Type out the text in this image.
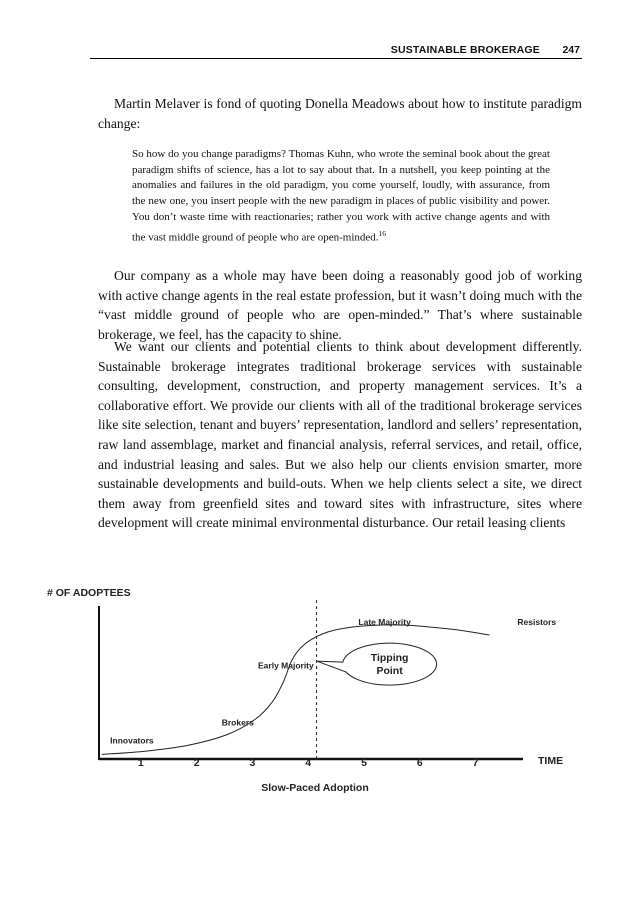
SUSTAINABLE BROKERAGE 247

Martin Melaver is fond of quoting Donella Meadows about how to institute paradigm change:

So how do you change paradigms? Thomas Kuhn, who wrote the seminal book about the great paradigm shifts of science, has a lot to say about that. In a nutshell, you keep pointing at the anomalies and failures in the old paradigm, you come yourself, loudly, with assurance, from the new one, you insert people with the new paradigm in places of public visibility and power. You don’t waste time with reactionaries; rather you work with active change agents and with the vast middle ground of people who are open-minded.$^{16}$

Our company as a whole may have been doing a reasonably good job of working with active change agents in the real estate profession, but it wasn’t doing much with the “vast middle ground of people who are open-minded.” That’s where sustainable brokerage, we feel, has the capacity to shine.

We want our clients and potential clients to think about development differently. Sustainable brokerage integrates traditional brokerage services with sustainable consulting, development, construction, and property management services. It’s a collaborative effort. We provide our clients with all of the traditional brokerage services like site selection, tenant and buyers’ representation, landlord and sellers’ representation, raw land assemblage, market and financial analysis, referral services, and retail, office, and industrial leasing and sales. But we also help our clients envision smarter, more sustainable developments and build-outs. When we help clients select a site, we direct them away from greenfield sites and toward sites with infrastructure, sites where development will create minimal environmental disturbance. Our retail leasing clients

# OF ADOPTEES
TIME
Slow-Paced Adoption
1	2	3	4	5	6	7
Innovators
Brokers
Early Majority
Late Majority	Resistors
Tipping
Point
